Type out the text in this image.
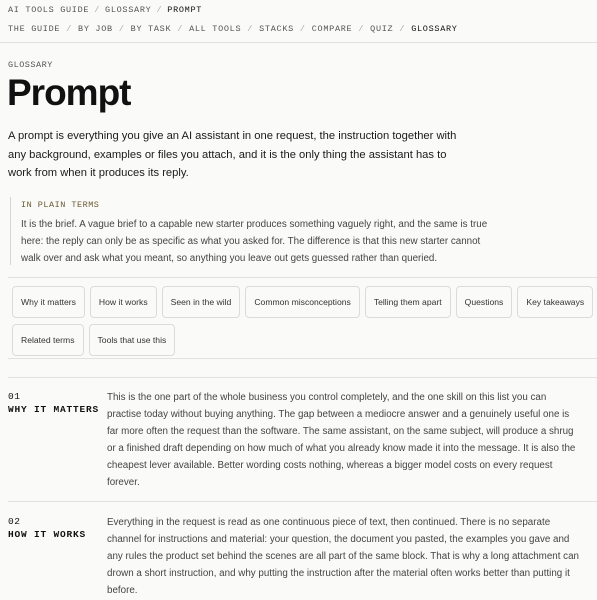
AI TOOLS GUIDE / GLOSSARY / PROMPT
THE GUIDE / BY JOB / BY TASK / ALL TOOLS / STACKS / COMPARE / QUIZ / GLOSSARY
GLOSSARY
Prompt

A prompt is everything you give an AI assistant in one request, the instruction together with any background, examples or files you attach, and it is the only thing the assistant has to work from when it produces its reply.

IN PLAIN TERMS

It is the brief. A vague brief to a capable new starter produces something vaguely right, and the same is true here: the reply can only be as specific as what you asked for. The difference is that this new starter cannot walk over and ask what you meant, so anything you leave out gets guessed rather than queried.

Why it matters	How it works	Seen in the wild	Common misconceptions	Telling them apart	Questions	Key takeaways
Related terms	Tools that use this
01
WHY IT MATTERS

This is the one part of the whole business you control completely, and the one skill on this list you can practise today without buying anything. The gap between a mediocre answer and a genuinely useful one is far more often the request than the software. The same assistant, on the same subject, will produce a shrug or a finished draft depending on how much of what you already know made it into the message. It is also the cheapest lever available. Better wording costs nothing, whereas a bigger model costs on every request forever.

02
HOW IT WORKS

Everything in the request is read as one continuous piece of text, then continued. There is no separate channel for instructions and material: your question, the document you pasted, the examples you gave and any rules the product set behind the scenes are all part of the same block. That is why a long attachment can drown a short instruction, and why putting the instruction after the material often works better than putting it before.
